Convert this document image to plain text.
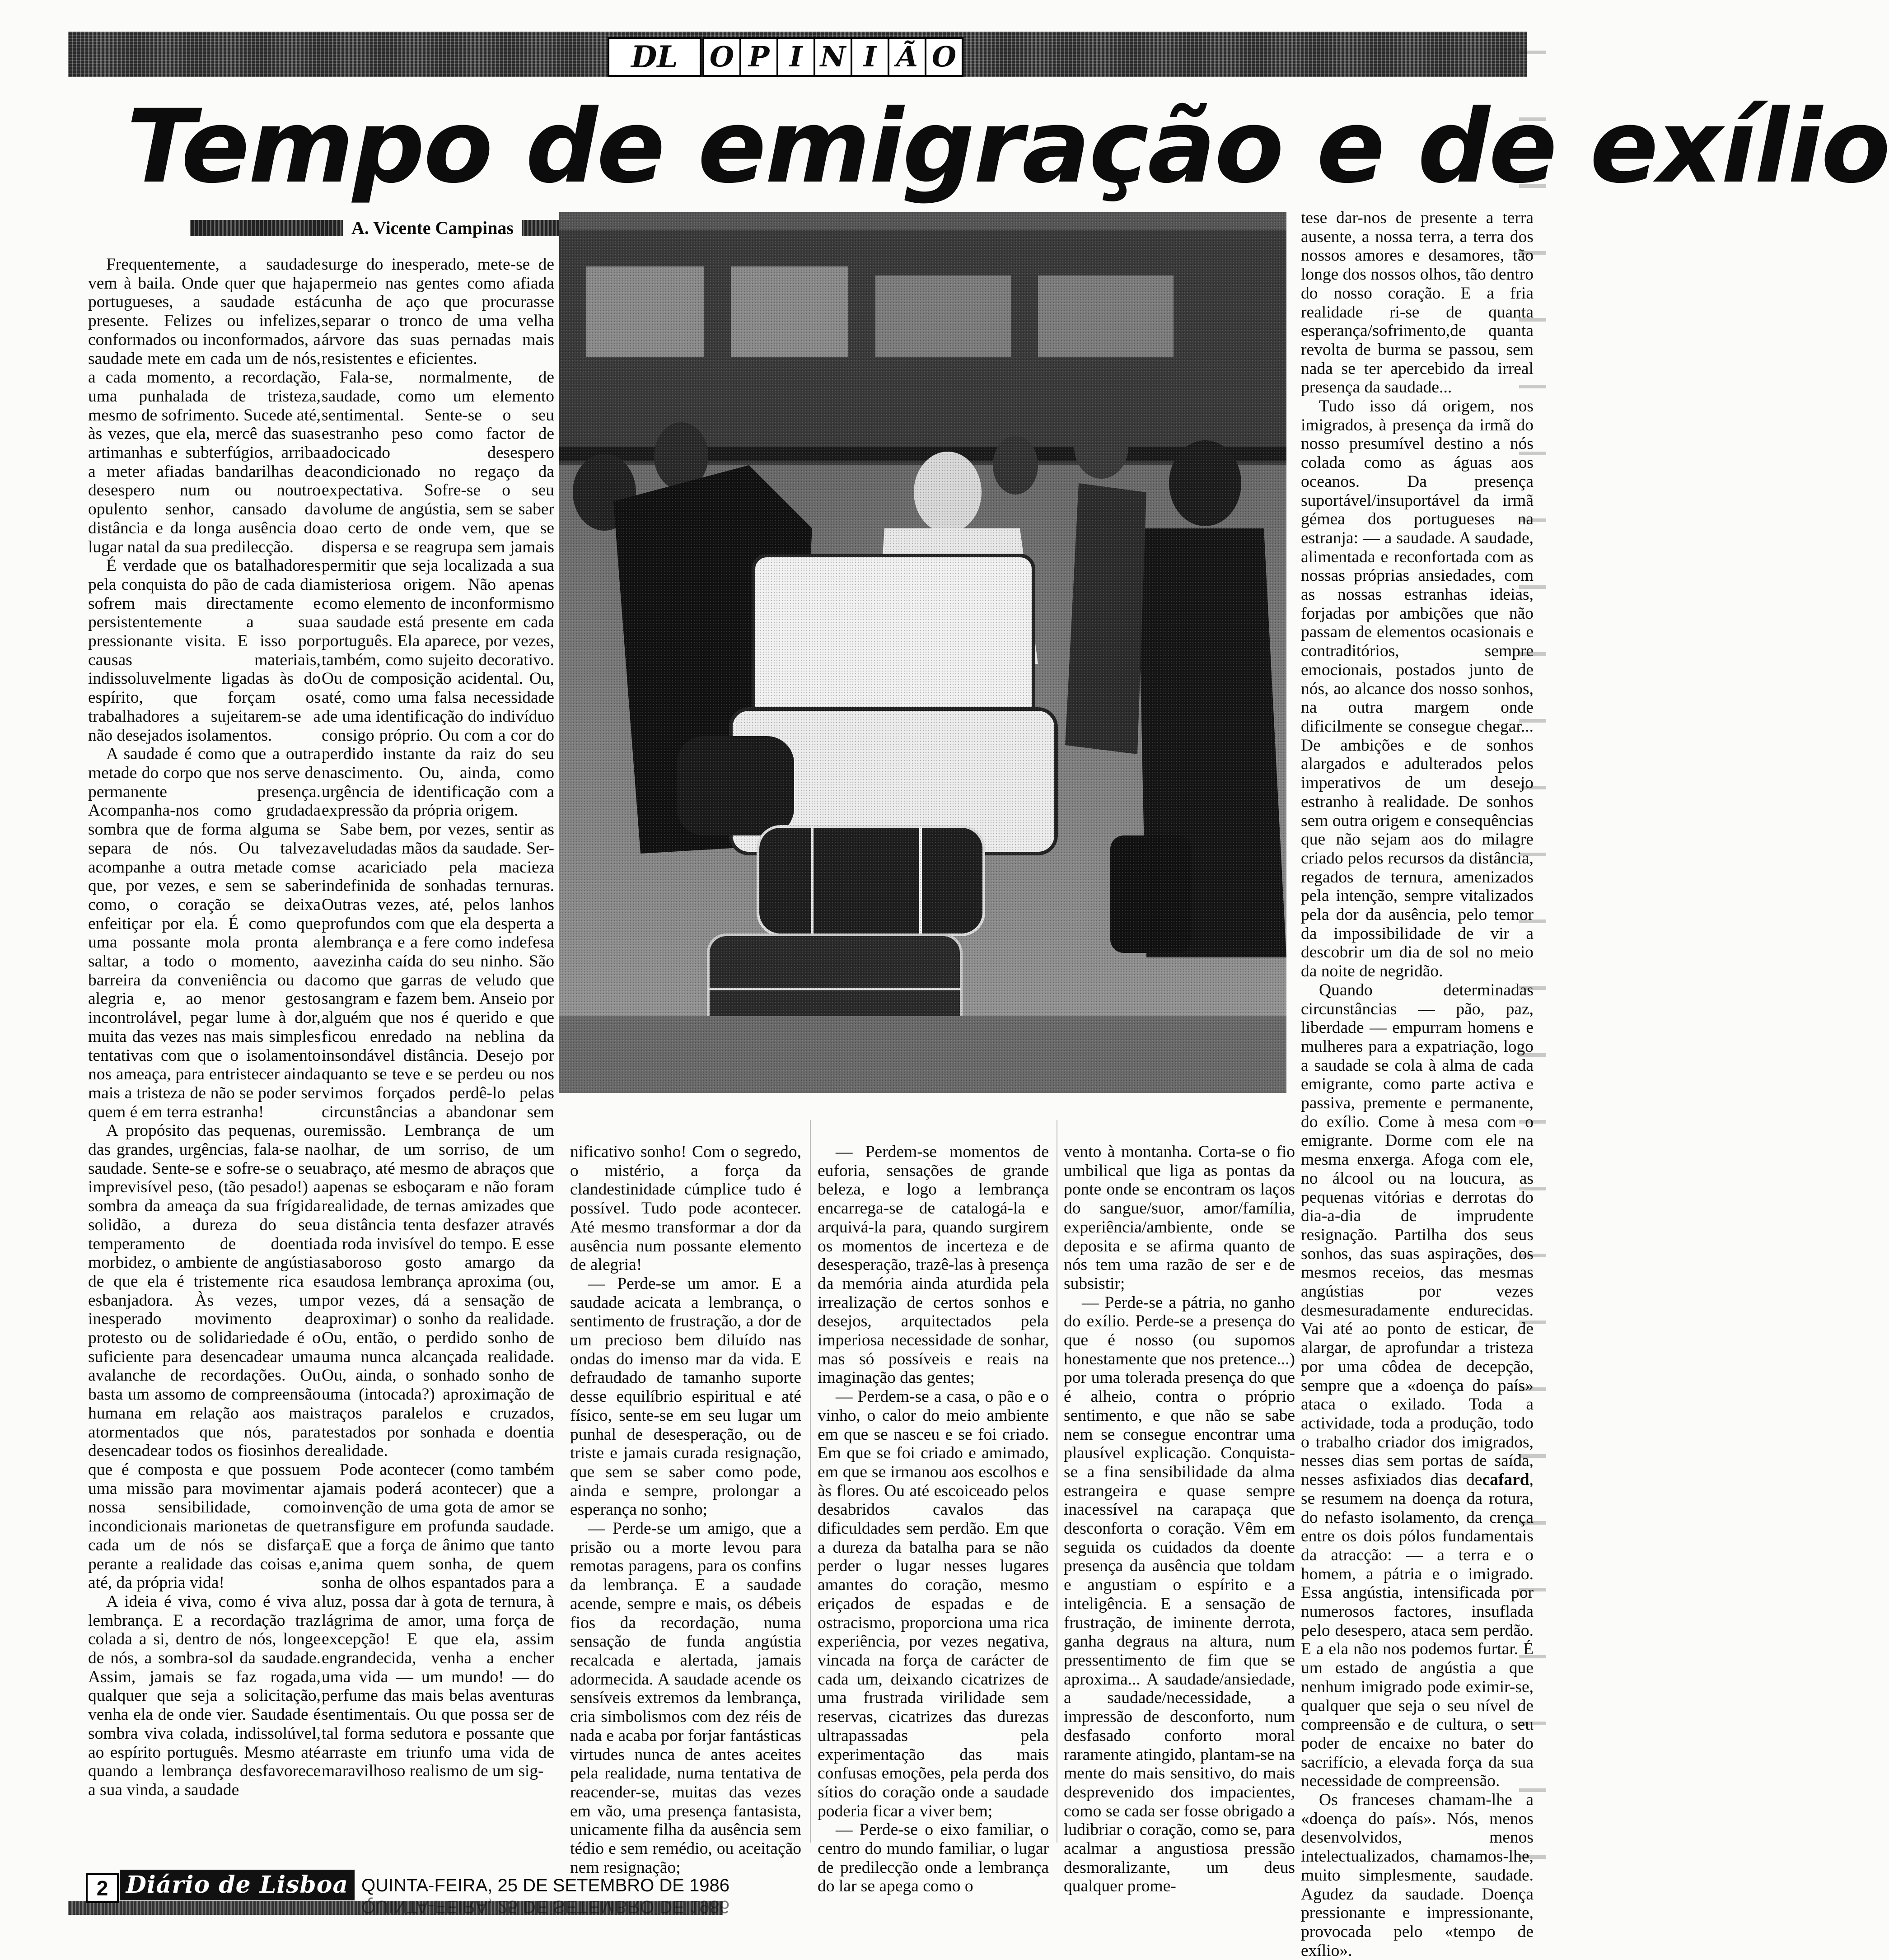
DL	O P I N I Ã O
Tempo de emigração e de exílio
A. Vicente Campinas

Frequentemente, a saudade vem à baila. Onde quer que haja portugueses, a saudade está presente. Felizes ou infelizes, conformados ou inconformados, a saudade mete em cada um de nós, a cada momento, a recordação, uma punhalada de tristeza, mesmo de sofrimento. Sucede até, às vezes, que ela, mercê das suas artimanhas e subterfúgios, arriba a meter afiadas bandarilhas de desespero num ou noutro opulento senhor, cansado da distância e da longa ausência do lugar natal da sua predilecção.

É verdade que os batalhadores pela conquista do pão de cada dia sofrem mais directamente e persistentemente a sua pressionante visita. E isso por causas materiais, indissoluvelmente ligadas às do espírito, que forçam os trabalhadores a sujeitarem-se a não desejados isolamentos.

A saudade é como que a outra metade do corpo que nos serve de permanente presença. Acompanha-nos como grudada sombra que de forma alguma se separa de nós. Ou talvez acompanhe a outra metade com que, por vezes, e sem se saber como, o coração se deixa enfeitiçar por ela. É como que uma possante mola pronta a saltar, a todo o momento, a barreira da conveniência ou da alegria e, ao menor gesto incontrolável, pegar lume à dor, muita das vezes nas mais simples tentativas com que o isolamento nos ameaça, para entristecer ainda mais a tristeza de não se poder ser quem é em terra estranha!

A propósito das pequenas, ou das grandes, urgências, fala-se na saudade. Sente-se e sofre-se o seu imprevisível peso, (tão pesado!) a sombra da ameaça da sua frígida solidão, a dureza do seu temperamento de doentia morbidez, o ambiente de angústia de que ela é tristemente rica e esbanjadora. Às vezes, um inesperado movimento de protesto ou de solidariedade é o suficiente para desencadear uma avalanche de recordações. Ou basta um assomo de compreensão humana em relação aos mais atormentados que nós, para desencadear todos os fiosinhos de que é composta e que possuem uma missão para movimentar a nossa sensibilidade, como incondicionais marionetas de que cada um de nós se disfarça perante a realidade das coisas e, até, da própria vida!

A ideia é viva, como é viva a lembrança. E a recordação traz colada a si, dentro de nós, longe de nós, a sombra-sol da saudade. Assim, jamais se faz rogada, qualquer que seja a solicitação, venha ela de onde vier. Saudade é sombra viva colada, indissolúvel, ao espírito português. Mesmo até quando a lembrança desfavorece a sua vinda, a saudade

surge do inesperado, mete-se de permeio nas gentes como afiada cunha de aço que procurasse separar o tronco de uma velha árvore das suas pernadas mais resistentes e eficientes.

Fala-se, normalmente, de saudade, como um elemento sentimental. Sente-se o seu estranho peso como factor de adocicado desespero acondicionado no regaço da expectativa. Sofre-se o seu volume de angústia, sem se saber ao certo de onde vem, que se dispersa e se reagrupa sem jamais permitir que seja localizada a sua misteriosa origem. Não apenas como elemento de inconformismo a saudade está presente em cada português. Ela aparece, por vezes, também, como sujeito decorativo. Ou de composição acidental. Ou, até, como uma falsa necessidade de uma identificação do indivíduo consigo próprio. Ou com a cor do perdido instante da raiz do seu nascimento. Ou, ainda, como urgência de identificação com a expressão da própria origem.

Sabe bem, por vezes, sentir as aveludadas mãos da saudade. Ser-se acariciado pela macieza indefinida de sonhadas ternuras. Outras vezes, até, pelos lanhos profundos com que ela desperta a lembrança e a fere como indefesa avezinha caída do seu ninho. São como que garras de veludo que sangram e fazem bem. Anseio por alguém que nos é querido e que ficou enredado na neblina da insondável distância. Desejo por quanto se teve e se perdeu ou nos vimos forçados perdê-lo pelas circunstâncias a abandonar sem remissão. Lembrança de um olhar, de um sorriso, de um abraço, até mesmo de abraços que apenas se esboçaram e não foram realidade, de ternas amizades que a distância tenta desfazer através da roda invisível do tempo. E esse saboroso gosto amargo da saudosa lembrança aproxima (ou, por vezes, dá a sensação de aproximar) o sonho da realidade. Ou, então, o perdido sonho de uma nunca alcançada realidade. Ou, ainda, o sonhado sonho de uma (intocada?) aproximação de traços paralelos e cruzados, testados por sonhada e doentia realidade.

Pode acontecer (como também jamais poderá acontecer) que a invenção de uma gota de amor se transfigure em profunda saudade. E que a força de ânimo que tanto anima quem sonha, de quem sonha de olhos espantados para a luz, possa dar à gota de ternura, à lágrima de amor, uma força de excepção! E que ela, assim engrandecida, venha a encher uma vida — um mundo! — do perfume das mais belas aventuras sentimentais. Ou que possa ser de tal forma sedutora e possante que arraste em triunfo uma vida de maravilhoso realismo de um sig-

nificativo sonho! Com o segredo, o mistério, a força da clandestinidade cúmplice tudo é possível. Tudo pode acontecer. Até mesmo transformar a dor da ausência num possante elemento de alegria!

— Perde-se um amor. E a saudade acicata a lembrança, o sentimento de frustração, a dor de um precioso bem diluído nas ondas do imenso mar da vida. E defraudado de tamanho suporte desse equilíbrio espiritual e até físico, sente-se em seu lugar um punhal de desesperação, ou de triste e jamais curada resignação, que sem se saber como pode, ainda e sempre, prolongar a esperança no sonho;

— Perde-se um amigo, que a prisão ou a morte levou para remotas paragens, para os confins da lembrança. E a saudade acende, sempre e mais, os débeis fios da recordação, numa sensação de funda angústia recalcada e alertada, jamais adormecida. A saudade acende os sensíveis extremos da lembrança, cria simbolismos com dez réis de nada e acaba por forjar fantásticas virtudes nunca de antes aceites pela realidade, numa tentativa de reacender-se, muitas das vezes em vão, uma presença fantasista, unicamente filha da ausência sem tédio e sem remédio, ou aceitação nem resignação;

— Perdem-se momentos de euforia, sensações de grande beleza, e logo a lembrança encarrega-se de catalogá-la e arquivá-la para, quando surgirem os momentos de incerteza e de desesperação, trazê-las à presença da memória ainda aturdida pela irrealização de certos sonhos e desejos, arquitectados pela imperiosa necessidade de sonhar, mas só possíveis e reais na imaginação das gentes;

— Perdem-se a casa, o pão e o vinho, o calor do meio ambiente em que se nasceu e se foi criado. Em que se foi criado e amimado, em que se irmanou aos escolhos e às flores. Ou até escoiceado pelos desabridos cavalos das dificuldades sem perdão. Em que a dureza da batalha para se não perder o lugar nesses lugares amantes do coração, mesmo eriçados de espadas e de ostracismo, proporciona uma rica experiência, por vezes negativa, vincada na força de carácter de cada um, deixando cicatrizes de uma frustrada virilidade sem reservas, cicatrizes das durezas ultrapassadas pela experimentação das mais confusas emoções, pela perda dos sítios do coração onde a saudade poderia ficar a viver bem;

— Perde-se o eixo familiar, o centro do mundo familiar, o lugar de predilecção onde a lembrança do lar se apega como o

vento à montanha. Corta-se o fio umbilical que liga as pontas da ponte onde se encontram os laços do sangue/suor, amor/família, experiência/ambiente, onde se deposita e se afirma quanto de nós tem uma razão de ser e de subsistir;

— Perde-se a pátria, no ganho do exílio. Perde-se a presença do que é nosso (ou supomos honestamente que nos pretence...) por uma tolerada presença do que é alheio, contra o próprio sentimento, e que não se sabe nem se consegue encontrar uma plausível explicação. Conquista-se a fina sensibilidade da alma estrangeira e quase sempre inacessível na carapaça que desconforta o coração. Vêm em seguida os cuidados da doente presença da ausência que toldam e angustiam o espírito e a inteligência. E a sensação de frustração, de iminente derrota, ganha degraus na altura, num pressentimento de fim que se aproxima... A saudade/ansiedade, a saudade/necessidade, a impressão de desconforto, num desfasado conforto moral raramente atingido, plantam-se na mente do mais sensitivo, do mais desprevenido dos impacientes, como se cada ser fosse obrigado a ludibriar o coração, como se, para acalmar a angustiosa pressão desmoralizante, um deus qualquer prome-

tese dar-nos de presente a terra ausente, a nossa terra, a terra dos nossos amores e desamores, tão longe dos nossos olhos, tão dentro do nosso coração. E a fria realidade ri-se de quanta esperança/sofrimento,de quanta revolta de burma se passou, sem nada se ter apercebido da irreal presença da saudade...

Tudo isso dá origem, nos imigrados, à presença da irmã do nosso presumível destino a nós colada como as águas aos oceanos. Da presença suportável/insuportável da irmã gémea dos portugueses na estranja: — a saudade. A saudade, alimentada e reconfortada com as nossas próprias ansiedades, com as nossas estranhas ideias, forjadas por ambições que não passam de elementos ocasionais e contraditórios, sempre emocionais, postados junto de nós, ao alcance dos nosso sonhos, na outra margem onde dificilmente se consegue chegar... De ambições e de sonhos alargados e adulterados pelos imperativos de um desejo estranho à realidade. De sonhos sem outra origem e consequências que não sejam aos do milagre criado pelos recursos da distância, regados de ternura, amenizados pela intenção, sempre vitalizados pela dor da ausência, pelo temor da impossibilidade de vir a descobrir um dia de sol no meio da noite de negridão.

Quando determinadas circunstâncias — pão, paz, liberdade — empurram homens e mulheres para a expatriação, logo a saudade se cola à alma de cada emigrante, como parte activa e passiva, premente e permanente, do exílio. Come à mesa com o emigrante. Dorme com ele na mesma enxerga. Afoga com ele, no álcool ou na loucura, as pequenas vitórias e derrotas do dia-a-dia de imprudente resignação. Partilha dos seus sonhos, das suas aspirações, dos mesmos receios, das mesmas angústias por vezes desmesuradamente endurecidas. Vai até ao ponto de esticar, de alargar, de aprofundar a tristeza por uma côdea de decepção, sempre que a «doença do país» ataca o exilado. Toda a actividade, toda a produção, todo o trabalho criador dos imigrados, nesses dias sem portas de saída, nesses asfixiados dias decafard, se resumem na doença da rotura, do nefasto isolamento, da crença entre os dois pólos fundamentais da atracção: — a terra e o homem, a pátria e o imigrado. Essa angústia, intensificada por numerosos factores, insuflada pelo desespero, ataca sem perdão. E a ela não nos podemos furtar. É um estado de angústia a que nenhum imigrado pode eximir-se, qualquer que seja o seu nível de compreensão e de cultura, o seu poder de encaixe no bater do sacrifício, a elevada força da sua necessidade de compreensão.

Os franceses chamam-lhe a «doença do país». Nós, menos desenvolvidos, menos intelectualizados, chamamos-lhe, muito simplesmente, saudade. Agudez da saudade. Doença pressionante e impressionante, provocada pelo «tempo de exílio».

2 Diário de Lisboa QUINTA-FEIRA, 25 DE SETEMBRO DE 1986
QUINTA-FEIRA, 25 DE SETEMBRO DE 1986
